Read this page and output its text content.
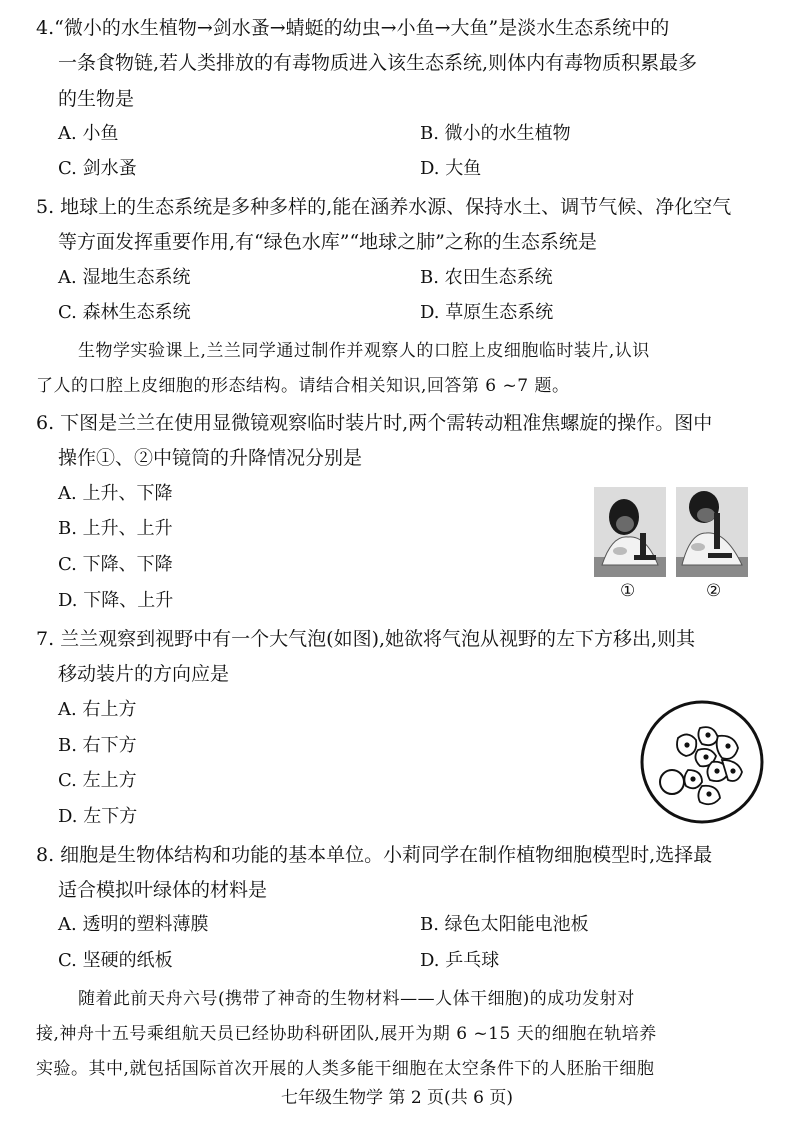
4.“微小的水生植物→剑水蚤→蜻蜓的幼虫→小鱼→大鱼”是淡水生态系统中的
一条食物链,若人类排放的有毒物质进入该生态系统,则体内有毒物质积累最多
的生物是
A. 小鱼	B. 微小的水生植物
C. 剑水蚤	D. 大鱼
5. 地球上的生态系统是多种多样的,能在涵养水源、保持水土、调节气候、净化空气
等方面发挥重要作用,有“绿色水库”“地球之肺”之称的生态系统是
A. 湿地生态系统	B. 农田生态系统
C. 森林生态系统	D. 草原生态系统
生物学实验课上,兰兰同学通过制作并观察人的口腔上皮细胞临时装片,认识
了人的口腔上皮细胞的形态结构。请结合相关知识,回答第 6 ~7 题。
6. 下图是兰兰在使用显微镜观察临时装片时,两个需转动粗准焦螺旋的操作。图中
操作①、②中镜筒的升降情况分别是
A. 上升、下降
B. 上升、上升
C. 下降、下降
D. 下降、上升	①	②
7. 兰兰观察到视野中有一个大气泡(如图),她欲将气泡从视野的左下方移出,则其
移动装片的方向应是
A. 右上方
B. 右下方
C. 左上方
D. 左下方
8. 细胞是生物体结构和功能的基本单位。小莉同学在制作植物细胞模型时,选择最
适合模拟叶绿体的材料是
A. 透明的塑料薄膜	B. 绿色太阳能电池板
C. 坚硬的纸板	D. 乒乓球
随着此前天舟六号(携带了神奇的生物材料——人体干细胞)的成功发射对
接,神舟十五号乘组航天员已经协助科研团队,展开为期 6 ~15 天的细胞在轨培养
实验。其中,就包括国际首次开展的人类多能干细胞在太空条件下的人胚胎干细胞
七年级生物学 第 2 页(共 6 页)
